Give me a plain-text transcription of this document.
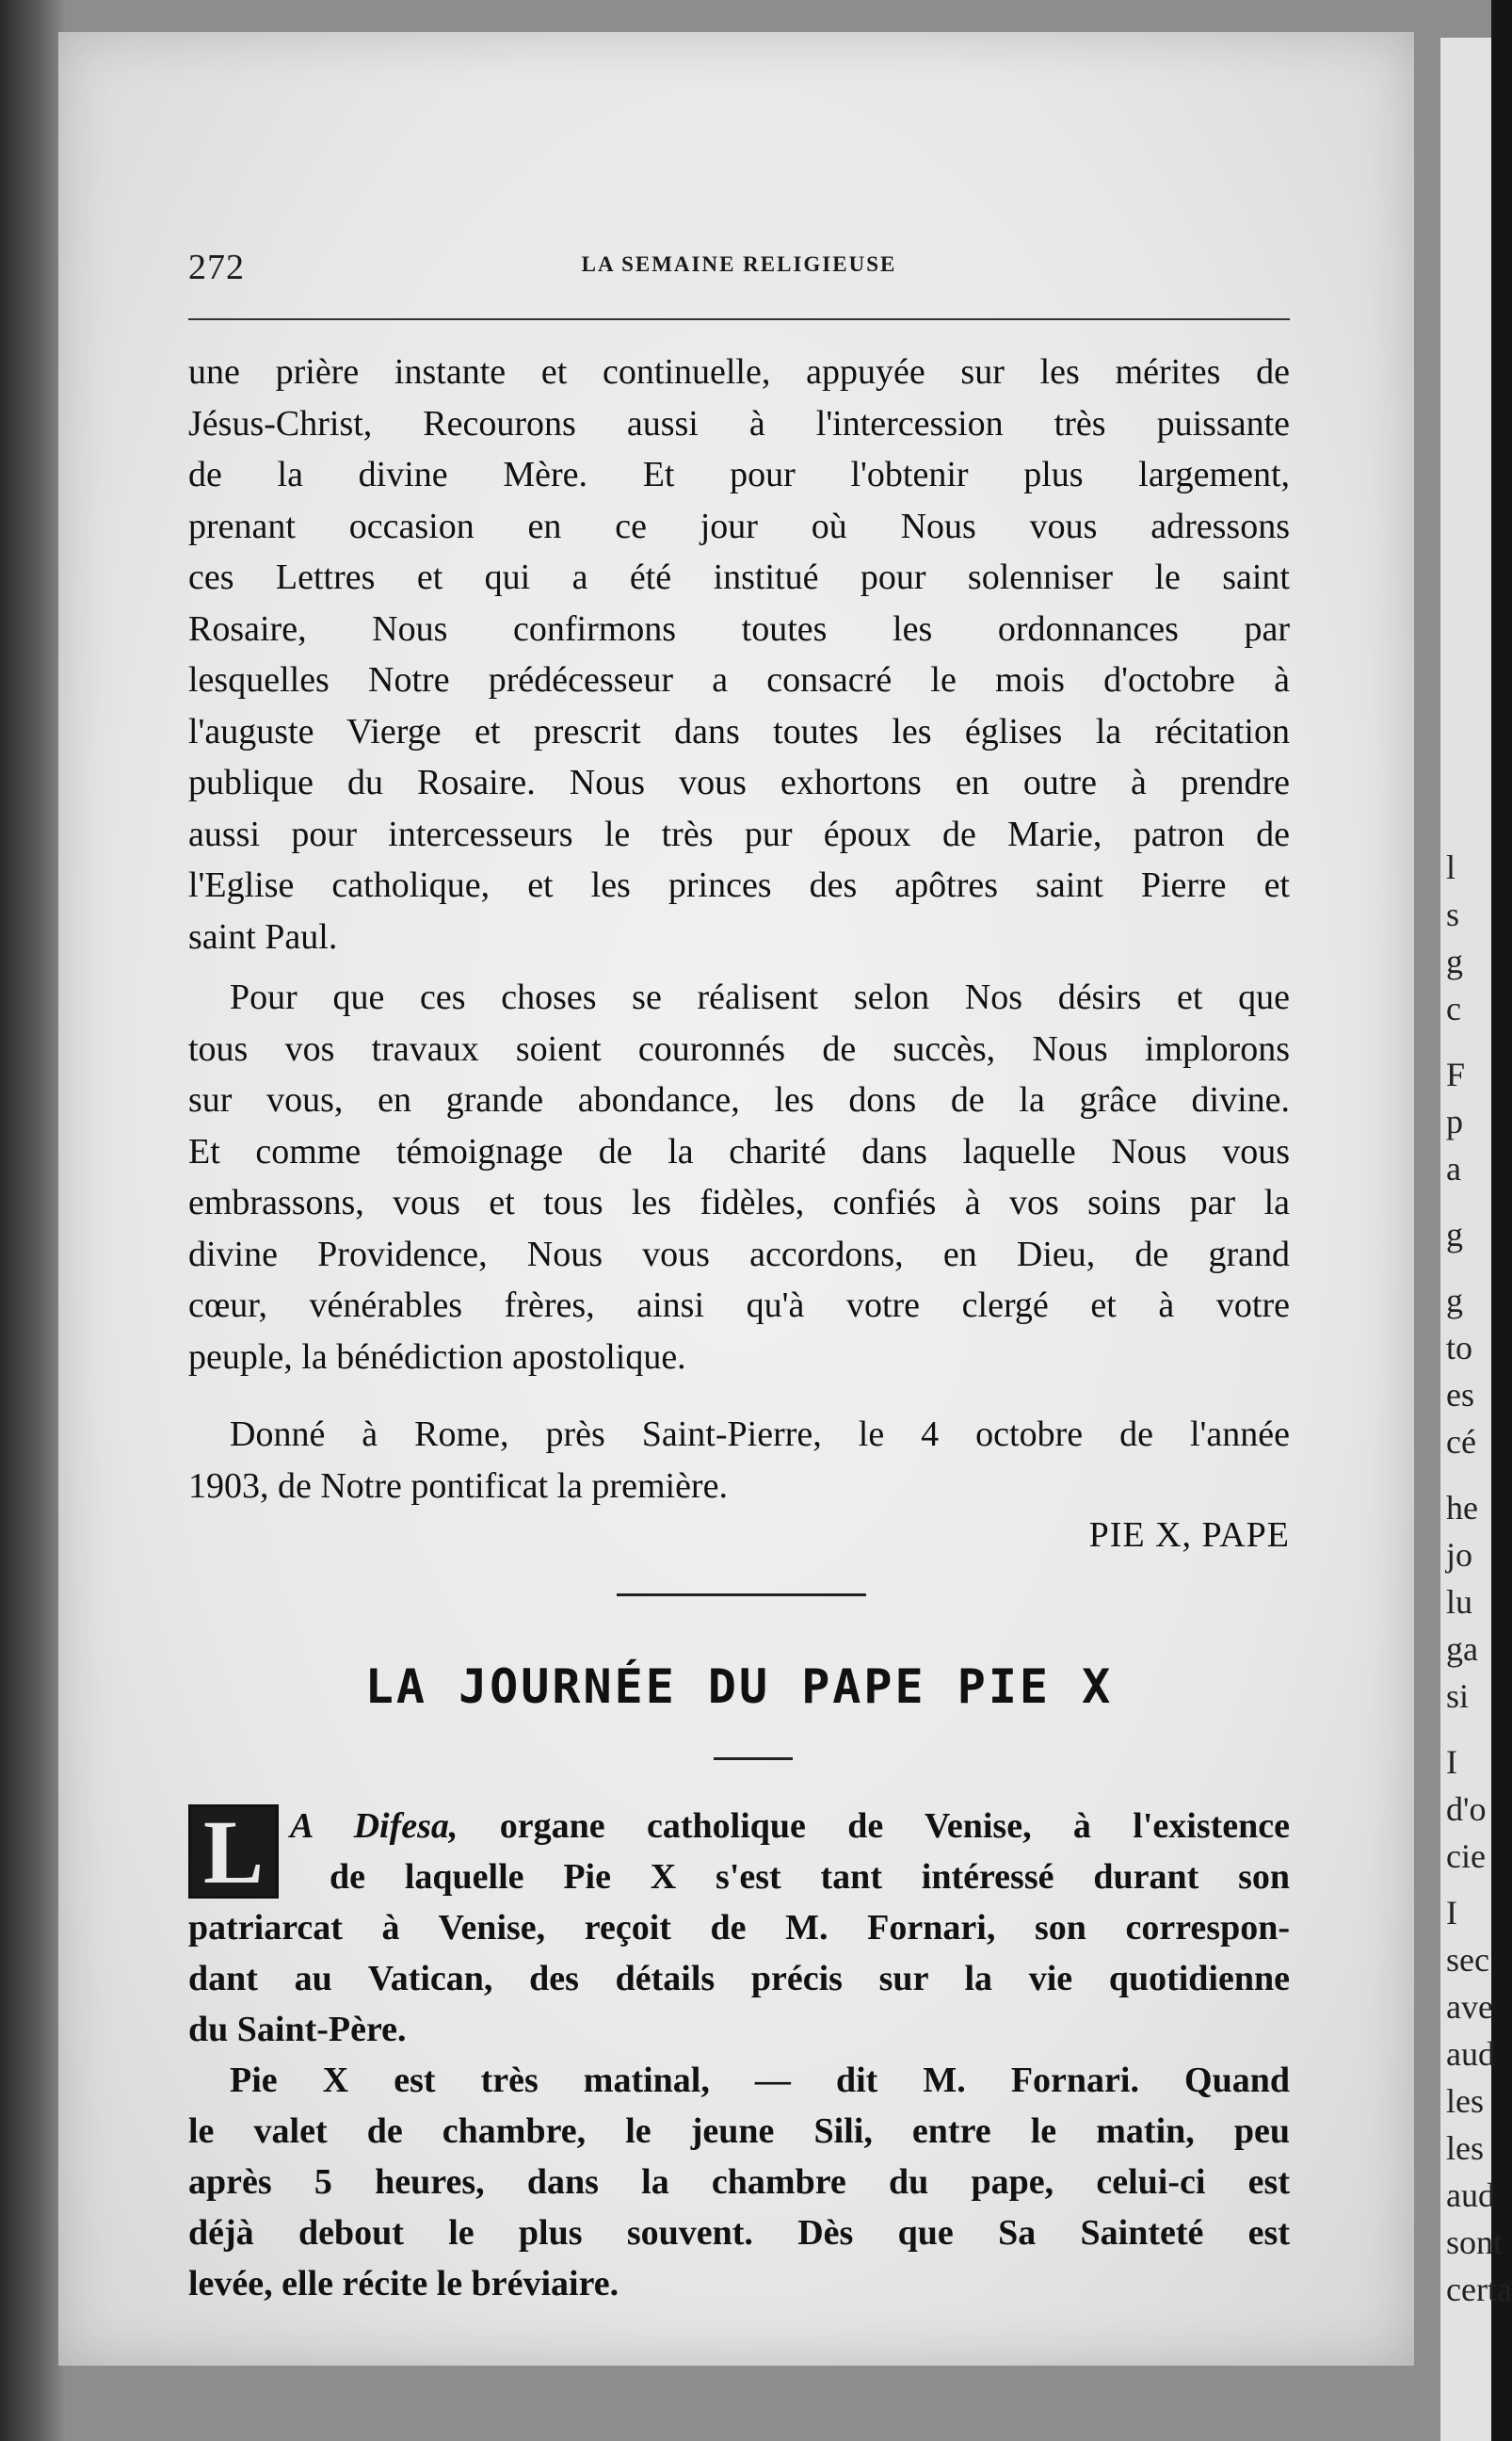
l
s
g
c
F
p
a
g
g
to
es
cé
he
jo
lu
ga
si
I
d'o
cie
I
sec
ave
aud
les
les
aud
sont
certa
272	LA SEMAINE RELIGIEUSE
une prière instante et continuelle, appuyée sur les mérites de
Jésus-Christ, Recourons aussi à l'intercession très puissante
de la divine Mère. Et pour l'obtenir plus largement,
prenant occasion en ce jour où Nous vous adressons
ces Lettres et qui a été institué pour solenniser le saint
Rosaire, Nous confirmons toutes les ordonnances par
lesquelles Notre prédécesseur a consacré le mois d'octobre à
l'auguste Vierge et prescrit dans toutes les églises la récitation
publique du Rosaire. Nous vous exhortons en outre à prendre
aussi pour intercesseurs le très pur époux de Marie, patron de
l'Eglise catholique, et les princes des apôtres saint Pierre et
saint Paul.
Pour que ces choses se réalisent selon Nos désirs et que
tous vos travaux soient couronnés de succès, Nous implorons
sur vous, en grande abondance, les dons de la grâce divine.
Et comme témoignage de la charité dans laquelle Nous vous
embrassons, vous et tous les fidèles, confiés à vos soins par la
divine Providence, Nous vous accordons, en Dieu, de grand
cœur, vénérables frères, ainsi qu'à votre clergé et à votre
peuple, la bénédiction apostolique.
Donné à Rome, près Saint-Pierre, le 4 octobre de l'année
1903, de Notre pontificat la première.
PIE X, PAPE
LA JOURNÉE DU PAPE PIE X
L A Difesa, organe catholique de Venise, à l'existence
de laquelle Pie X s'est tant intéressé durant son
patriarcat à Venise, reçoit de M. Fornari, son correspon-
dant au Vatican, des détails précis sur la vie quotidienne
du Saint-Père.
Pie X est très matinal, — dit M. Fornari. Quand
le valet de chambre, le jeune Sili, entre le matin, peu
après 5 heures, dans la chambre du pape, celui-ci est
déjà debout le plus souvent. Dès que Sa Sainteté est
levée, elle récite le bréviaire.
